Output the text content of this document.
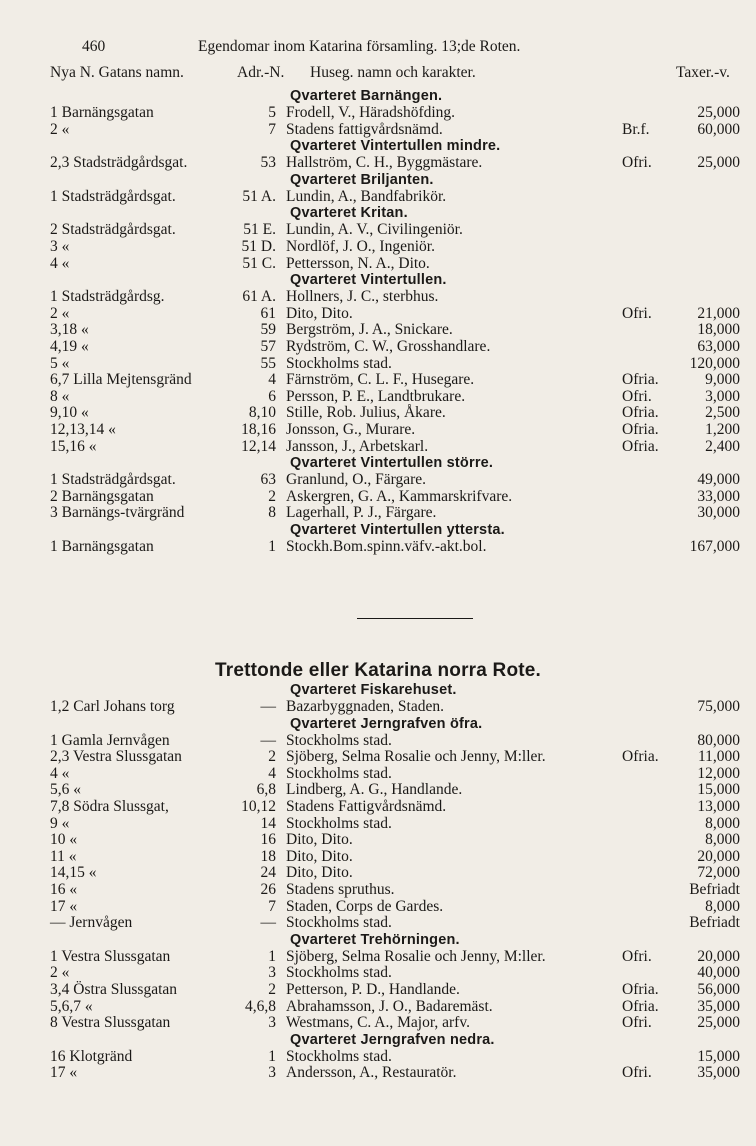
460	Egendomar inom Katarina församling. 13;de Roten.
Nya N. Gatans namn.	Adr.-N. Huseg. namn och karakter.	Taxer.-v.
Qvarteret Barnängen.
1 Barnängsgatan	5 Frodell, V., Häradshöfding.	25,000
2 «	7 Stadens fattigvårdsnämd.	Br.f.	60,000
Qvarteret Vintertullen mindre.
2,3 Stadsträdgårdsgat.	53 Hallström, C. H., Byggmästare.	Ofri.	25,000
Qvarteret Briljanten.
1 Stadsträdgårdsgat.	51 A. Lundin, A., Bandfabrikör.
Qvarteret Kritan.
2 Stadsträdgårdsgat.	51 E. Lundin, A. V., Civilingeniör.
3 «	51 D. Nordlöf, J. O., Ingeniör.
4 «	51 C. Pettersson, N. A., Dito.
Qvarteret Vintertullen.
1 Stadsträdgårdsg.	61 A. Hollners, J. C., sterbhus.
2 «	61 Dito, Dito.	Ofri.	21,000
3,18 «	59 Bergström, J. A., Snickare.	18,000
4,19 «	57 Rydström, C. W., Grosshandlare.	63,000
5 «	55 Stockholms stad.	120,000
6,7 Lilla Mejtensgränd	4 Färnström, C. L. F., Husegare.	Ofria.	9,000
8 «	6 Persson, P. E., Landtbrukare.	Ofri.	3,000
9,10 «	8,10 Stille, Rob. Julius, Åkare.	Ofria.	2,500
12,13,14 «	18,16 Jonsson, G., Murare.	Ofria.	1,200
15,16 «	12,14 Jansson, J., Arbetskarl.	Ofria.	2,400
Qvarteret Vintertullen större.
1 Stadsträdgårdsgat.	63 Granlund, O., Färgare.	49,000
2 Barnängsgatan	2 Askergren, G. A., Kammarskrifvare.	33,000
3 Barnängs-tvärgränd	8 Lagerhall, P. J., Färgare.	30,000
Qvarteret Vintertullen yttersta.
1 Barnängsgatan	1 Stockh.Bom.spinn.väfv.-akt.bol.	167,000
Trettonde eller Katarina norra Rote.
Qvarteret Fiskarehuset.
1,2 Carl Johans torg	— Bazarbyggnaden, Staden.	75,000
Qvarteret Jerngrafven öfra.
1 Gamla Jernvågen	— Stockholms stad.	80,000
2,3 Vestra Slussgatan	2 Sjöberg, Selma Rosalie och Jenny, M:ller.	Ofria.	11,000
4 «	4 Stockholms stad.	12,000
5,6 «	6,8 Lindberg, A. G., Handlande.	15,000
7,8 Södra Slussgat,	10,12 Stadens Fattigvårdsnämd.	13,000
9 «	14 Stockholms stad.	8,000
10 «	16 Dito, Dito.	8,000
11 «	18 Dito, Dito.	20,000
14,15 «	24 Dito, Dito.	72,000
16 «	26 Stadens spruthus.	Befriadt
17 «	7 Staden, Corps de Gardes.	8,000
— Jernvågen	— Stockholms stad.	Befriadt
Qvarteret Trehörningen.
1 Vestra Slussgatan	1 Sjöberg, Selma Rosalie och Jenny, M:ller.	Ofri.	20,000
2 «	3 Stockholms stad.	40,000
3,4 Östra Slussgatan	2 Petterson, P. D., Handlande.	Ofria.	56,000
5,6,7 «	4,6,8 Abrahamsson, J. O., Badaremäst.	Ofria.	35,000
8 Vestra Slussgatan	3 Westmans, C. A., Major, arfv.	Ofri.	25,000
Qvarteret Jerngrafven nedra.
16 Klotgränd	1 Stockholms stad.	15,000
17 «	3 Andersson, A., Restauratör.	Ofri.	35,000
